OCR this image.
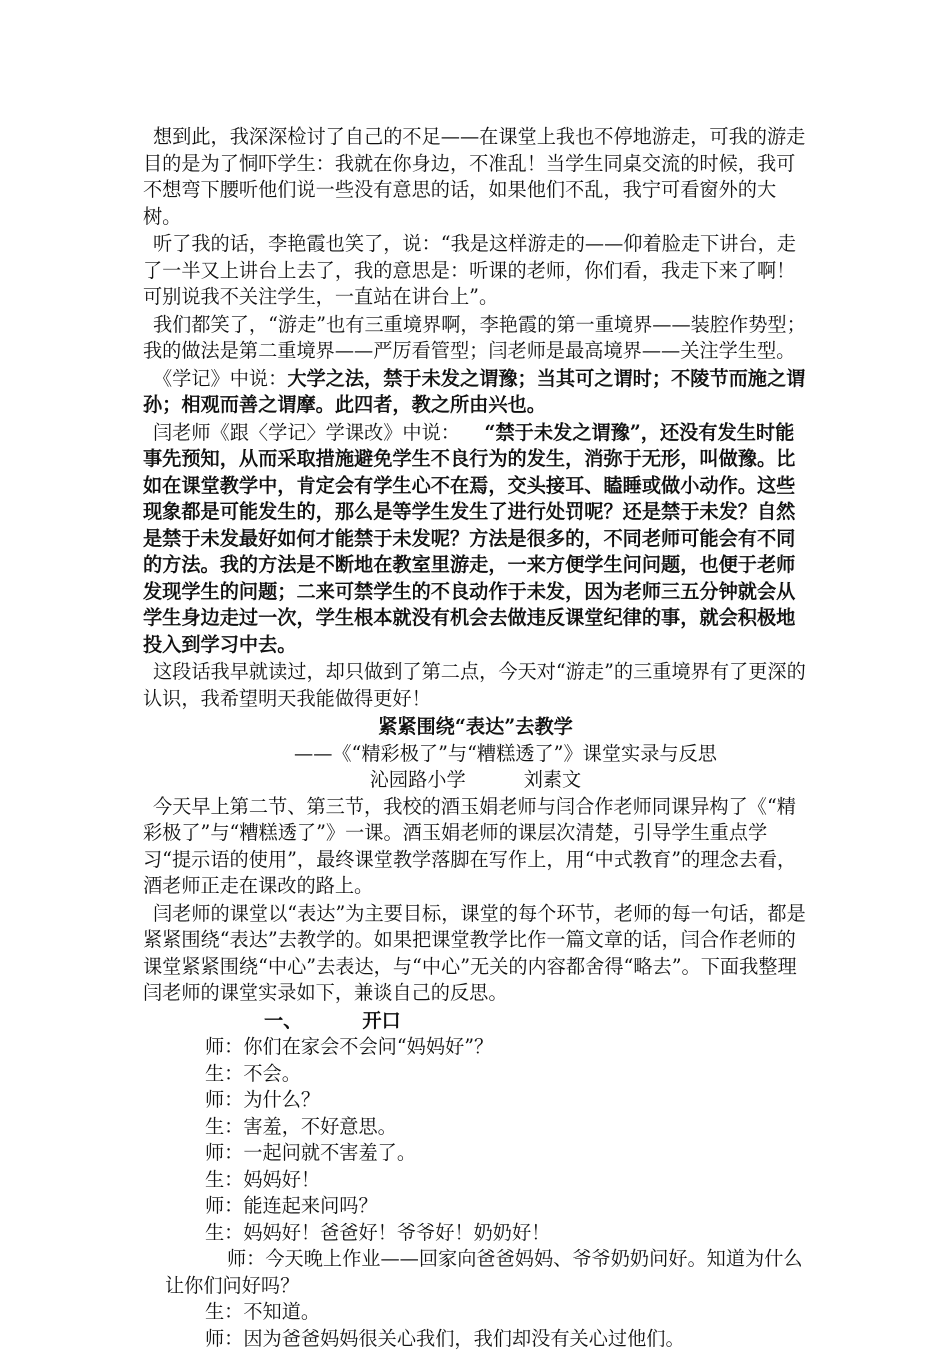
想到此，我深深检讨了自己的不足——在课堂上我也不停地游走，可我的游走目的是为了恫吓学生：我就在你身边，不准乱！当学生同桌交流的时候，我可不想弯下腰听他们说一些没有意思的话，如果他们不乱，我宁可看窗外的大树。

听了我的话，李艳霞也笑了，说：“我是这样游走的——仰着脸走下讲台，走了一半又上讲台上去了，我的意思是：听课的老师，你们看，我走下来了啊！可别说我不关注学生，一直站在讲台上”。

我们都笑了，“游走”也有三重境界啊，李艳霞的第一重境界——装腔作势型；我的做法是第二重境界——严厉看管型；闫老师是最高境界——关注学生型。

《学记》中说：大学之法，禁于未发之谓豫；当其可之谓时；不陵节而施之谓孙；相观而善之谓摩。此四者，教之所由兴也。

闫老师《跟〈学记〉学课改》中说： “禁于未发之谓豫”，还没有发生时能事先预知，从而采取措施避免学生不良行为的发生，消弥于无形，叫做豫。比如在课堂教学中，肯定会有学生心不在焉，交头接耳、瞌睡或做小动作。这些现象都是可能发生的，那么是等学生发生了进行处罚呢？还是禁于未发？自然是禁于未发最好如何才能禁于未发呢？方法是很多的，不同老师可能会有不同的方法。我的方法是不断地在教室里游走，一来方便学生问问题，也便于老师发现学生的问题；二来可禁学生的不良动作于未发，因为老师三五分钟就会从学生身边走过一次，学生根本就没有机会去做违反课堂纪律的事，就会积极地投入到学习中去。

这段话我早就读过，却只做到了第二点，今天对“游走”的三重境界有了更深的认识，我希望明天我能做得更好！

紧紧围绕“表达”去教学

——《“精彩极了”与“糟糕透了”》课堂实录与反思

沁园路小学	刘素文

今天早上第二节、第三节，我校的酒玉娟老师与闫合作老师同课异构了《“精彩极了”与“糟糕透了”》一课。酒玉娟老师的课层次清楚，引导学生重点学习“提示语的使用”，最终课堂教学落脚在写作上，用“中式教育”的理念去看，酒老师正走在课改的路上。

闫老师的课堂以“表达”为主要目标，课堂的每个环节，老师的每一句话，都是紧紧围绕“表达”去教学的。如果把课堂教学比作一篇文章的话，闫合作老师的课堂紧紧围绕“中心”去表达，与“中心”无关的内容都舍得“略去”。下面我整理闫老师的课堂实录如下，兼谈自己的反思。

一、	开口

师：你们在家会不会问“妈妈好”？

生：不会。

师：为什么？

生：害羞，不好意思。

师：一起问就不害羞了。

生：妈妈好！

师：能连起来问吗？

生：妈妈好！爸爸好！爷爷好！奶奶好！

师：今天晚上作业——回家向爸爸妈妈、爷爷奶奶问好。知道为什么让你们问好吗？

生：不知道。

师：因为爸爸妈妈很关心我们，我们却没有关心过他们。
